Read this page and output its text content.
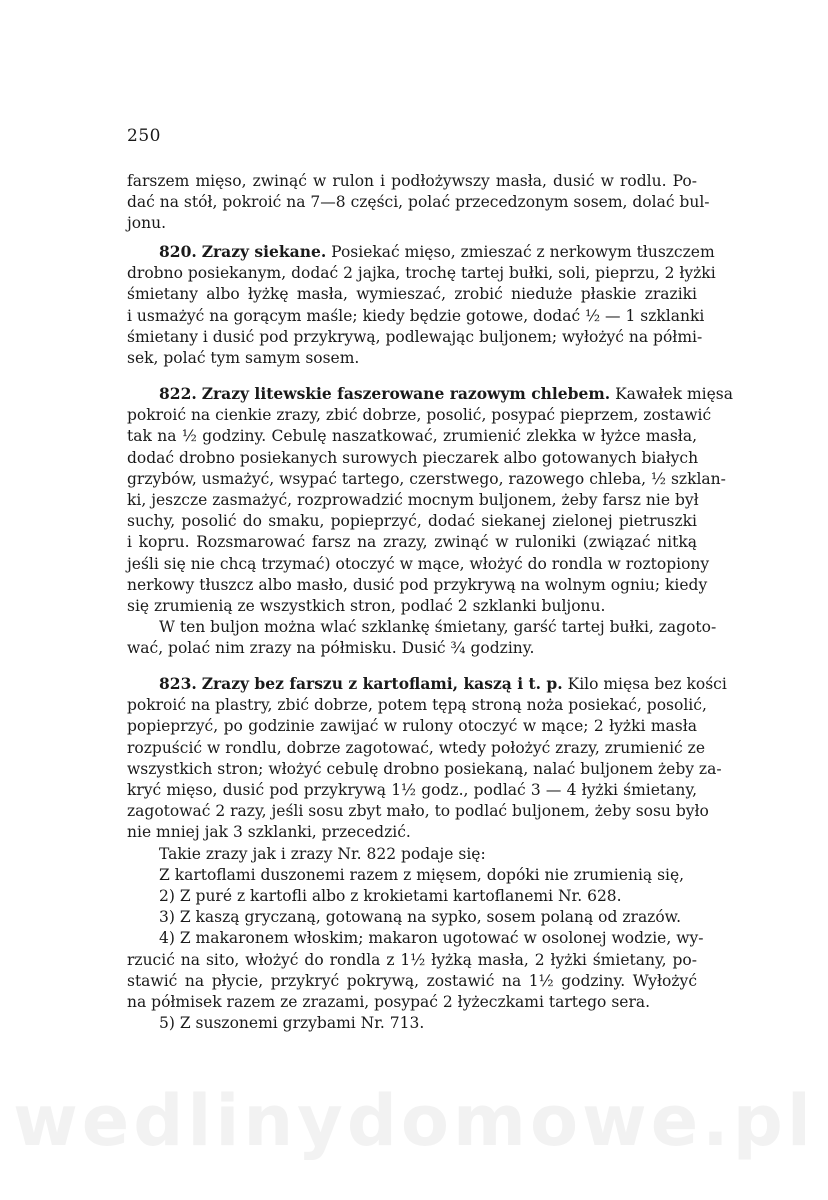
250
farszem mięso, zwinąć w rulon i podłożywszy masła, dusić w rodlu. Po-
dać na stół, pokroić na 7—8 części, polać przecedzonym sosem, dolać bul-
jonu.
820. Zrazy siekane. Posiekać mięso, zmieszać z nerkowym tłuszczem
drobno posiekanym, dodać 2 jajka, trochę tartej bułki, soli, pieprzu, 2 łyżki
śmietany albo łyżkę masła, wymieszać, zrobić nieduże płaskie zraziki
i usmażyć na gorącym maśle; kiedy będzie gotowe, dodać ½ — 1 szklanki
śmietany i dusić pod przykrywą, podlewając buljonem; wyłożyć na półmi-
sek, polać tym samym sosem.
822. Zrazy litewskie faszerowane razowym chlebem. Kawałek mięsa
pokroić na cienkie zrazy, zbić dobrze, posolić, posypać pieprzem, zostawić
tak na ½ godziny. Cebulę naszatkować, zrumienić zlekka w łyżce masła,
dodać drobno posiekanych surowych pieczarek albo gotowanych białych
grzybów, usmażyć, wsypać tartego, czerstwego, razowego chleba, ½ szklan-
ki, jeszcze zasmażyć, rozprowadzić mocnym buljonem, żeby farsz nie był
suchy, posolić do smaku, popieprzyć, dodać siekanej zielonej pietruszki
i kopru. Rozsmarować farsz na zrazy, zwinąć w ruloniki (związać nitką
jeśli się nie chcą trzymać) otoczyć w mące, włożyć do rondla w roztopiony
nerkowy tłuszcz albo masło, dusić pod przykrywą na wolnym ogniu; kiedy
się zrumienią ze wszystkich stron, podlać 2 szklanki buljonu.
W ten buljon można wlać szklankę śmietany, garść tartej bułki, zagoto-
wać, polać nim zrazy na półmisku. Dusić ¾ godziny.
823. Zrazy bez farszu z kartoflami, kaszą i t. p. Kilo mięsa bez kości
pokroić na plastry, zbić dobrze, potem tępą stroną noża posiekać, posolić,
popieprzyć, po godzinie zawijać w rulony otoczyć w mące; 2 łyżki masła
rozpuścić w rondlu, dobrze zagotować, wtedy położyć zrazy, zrumienić ze
wszystkich stron; włożyć cebulę drobno posiekaną, nalać buljonem żeby za-
kryć mięso, dusić pod przykrywą 1½ godz., podlać 3 — 4 łyżki śmietany,
zagotować 2 razy, jeśli sosu zbyt mało, to podlać buljonem, żeby sosu było
nie mniej jak 3 szklanki, przecedzić.
Takie zrazy jak i zrazy Nr. 822 podaje się:
Z kartoflami duszonemi razem z mięsem, dopóki nie zrumienią się,
2) Z puré z kartofli albo z krokietami kartoflanemi Nr. 628.
3) Z kaszą gryczaną, gotowaną na sypko, sosem polaną od zrazów.
4) Z makaronem włoskim; makaron ugotować w osolonej wodzie, wy-
rzucić na sito, włożyć do rondla z 1½ łyżką masła, 2 łyżki śmietany, po-
stawić na płycie, przykryć pokrywą, zostawić na 1½ godziny. Wyłożyć
na półmisek razem ze zrazami, posypać 2 łyżeczkami tartego sera.
5) Z suszonemi grzybami Nr. 713.
wedlinydomowe.pl
